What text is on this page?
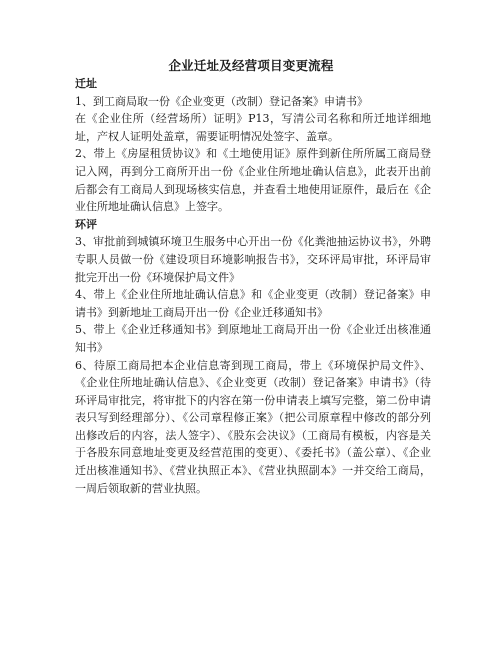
企业迁址及经营项目变更流程

迁址

1、到工商局取一份《企业变更（改制）登记备案》申请书》

在《企业住所（经营场所）证明》P13，写清公司名称和所迁地详细地址，产权人证明处盖章，需要证明情况处签字、盖章。

2、带上《房屋租赁协议》和《土地使用证》原件到新住所所属工商局登记入网，再到分工商所开出一份《企业住所地址确认信息》，此表开出前后都会有工商局人到现场核实信息，并查看土地使用证原件，最后在《企业住所地址确认信息》上签字。

环评

3、审批前到城镇环境卫生服务中心开出一份《化粪池抽运协议书》，外聘专职人员做一份《建设项目环境影响报告书》，交环评局审批，环评局审批完开出一份《环境保护局文件》

4、带上《企业住所地址确认信息》和《企业变更（改制）登记备案》申请书》到新地址工商局开出一份《企业迁移通知书》

5、带上《企业迁移通知书》到原地址工商局开出一份《企业迁出核准通知书》

6、待原工商局把本企业信息寄到现工商局，带上《环境保护局文件》、《企业住所地址确认信息》、《企业变更（改制）登记备案》申请书》（待环评局审批完，将审批下的内容在第一份申请表上填写完整，第二份申请表只写到经理部分）、《公司章程修正案》（把公司原章程中修改的部分列出修改后的内容，法人签字）、《股东会决议》（工商局有模板，内容是关于各股东同意地址变更及经营范围的变更）、《委托书》（盖公章）、《企业迁出核准通知书》、《营业执照正本》、《营业执照副本》一并交给工商局，一周后领取新的营业执照。
